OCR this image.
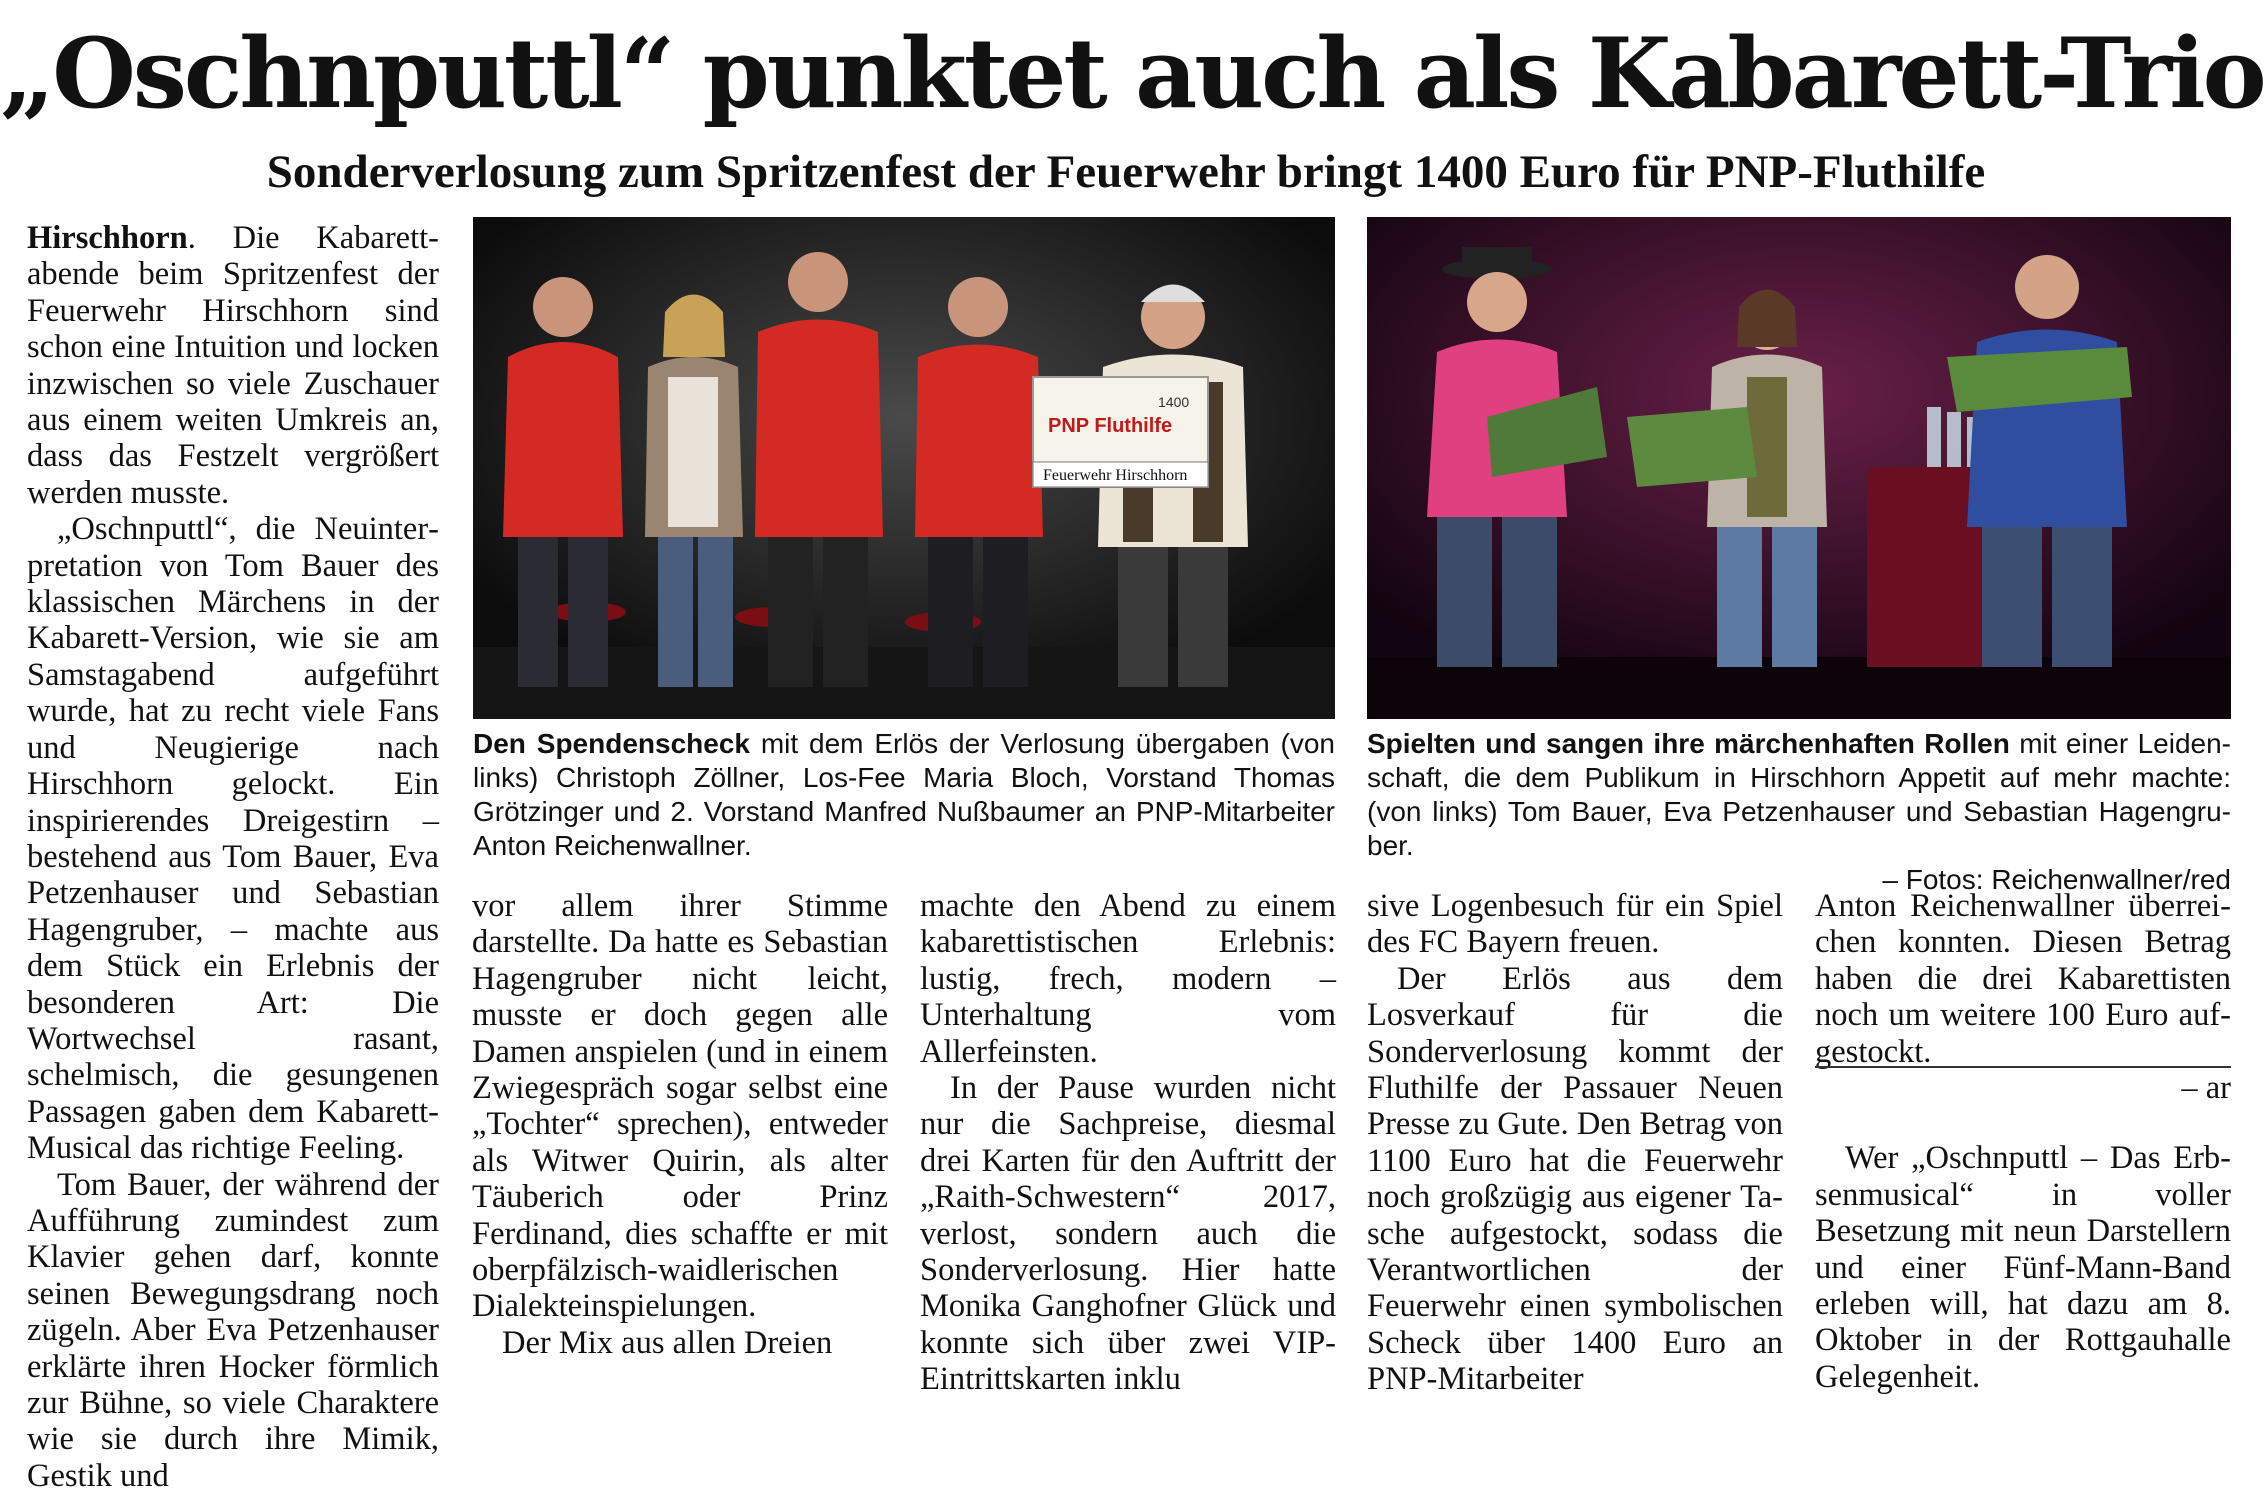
„Oschnputtl“ punktet auch als Kabarett-Trio
Sonderverlosung zum Spritzenfest der Feuerwehr bringt 1400 Euro für PNP-Fluthilfe

Hirschhorn. Die Kabarettabende beim Spritzenfest der Feuerwehr Hirschhorn sind schon eine Intuition und locken inzwischen so viele Zuschauer aus einem weiten Umkreis an, dass das Festzelt vergrößert werden musste.

„Oschnputtl“, die Neuinterpretation von Tom Bauer des klassischen Märchens in der Kabarett-Version, wie sie am Samstagabend aufgeführt wurde, hat zu recht viele Fans und Neugierige nach Hirschhorn gelockt. Ein inspirierendes Dreigestirn – bestehend aus Tom Bauer, Eva Petzenhauser und Sebastian Hagengruber, – machte aus dem Stück ein Erlebnis der besonderen Art: Die Wortwechsel rasant, schelmisch, die gesungenen Passagen gaben dem Kabarett-Musical das richtige Feeling.

Tom Bauer, der während der Aufführung zumindest zum Klavier gehen darf, konnte seinen Bewegungsdrang noch zügeln. Aber Eva Petzenhauser erklärte ihren Hocker förmlich zur Bühne, so viele Charaktere wie sie durch ihre Mimik, Gestik und

PNP Fluthilfe
1400
Feuerwehr Hirschhorn

Den Spendenscheck mit dem Erlös der Verlosung übergaben (von links) Christoph Zöllner, Los-Fee Maria Bloch, Vorstand Thomas Grötzinger und 2. Vorstand Manfred Nußbaumer an PNP-Mitarbeiter Anton Reichenwallner.

Spielten und sangen ihre märchenhaften Rollen mit einer Leidenschaft, die dem Publikum in Hirschhorn Appetit auf mehr machte: (von links) Tom Bauer, Eva Petzenhauser und Sebastian Hagengruber.
– Fotos: Reichenwallner/red

vor allem ihrer Stimme darstellte. Da hatte es Sebastian Hagengruber nicht leicht, musste er doch gegen alle Damen anspielen (und in einem Zwiegespräch sogar selbst eine „Tochter“ sprechen), entweder als Witwer Quirin, als alter Täuberich oder Prinz Ferdinand, dies schaffte er mit oberpfälzisch-waidlerischen Dialekteinspielungen.

Der Mix aus allen Dreien

machte den Abend zu einem kabarettistischen Erlebnis: lustig, frech, modern – Unterhaltung vom Allerfeinsten.

In der Pause wurden nicht nur die Sachpreise, diesmal drei Karten für den Auftritt der „Raith-Schwestern“ 2017, verlost, sondern auch die Sonderverlosung. Hier hatte Monika Ganghofner Glück und konnte sich über zwei VIP-Eintrittskarten inklu

sive Logenbesuch für ein Spiel des FC Bayern freuen.

Der Erlös aus dem Losverkauf für die Sonderverlosung kommt der Fluthilfe der Passauer Neuen Presse zu Gute. Den Betrag von 1100 Euro hat die Feuerwehr noch großzügig aus eigener Tasche aufgestockt, sodass die Verantwortlichen der Feuerwehr einen symbolischen Scheck über 1400 Euro an PNP-Mitarbeiter

Anton Reichenwallner überreichen konnten. Diesen Betrag haben die drei Kabarettisten noch um weitere 100 Euro aufgestockt.

– ar

Wer „Oschnputtl – Das Erbsenmusical“ in voller Besetzung mit neun Darstellern und einer Fünf-Mann-Band erleben will, hat dazu am 8. Oktober in der Rottgauhalle Gelegenheit.
